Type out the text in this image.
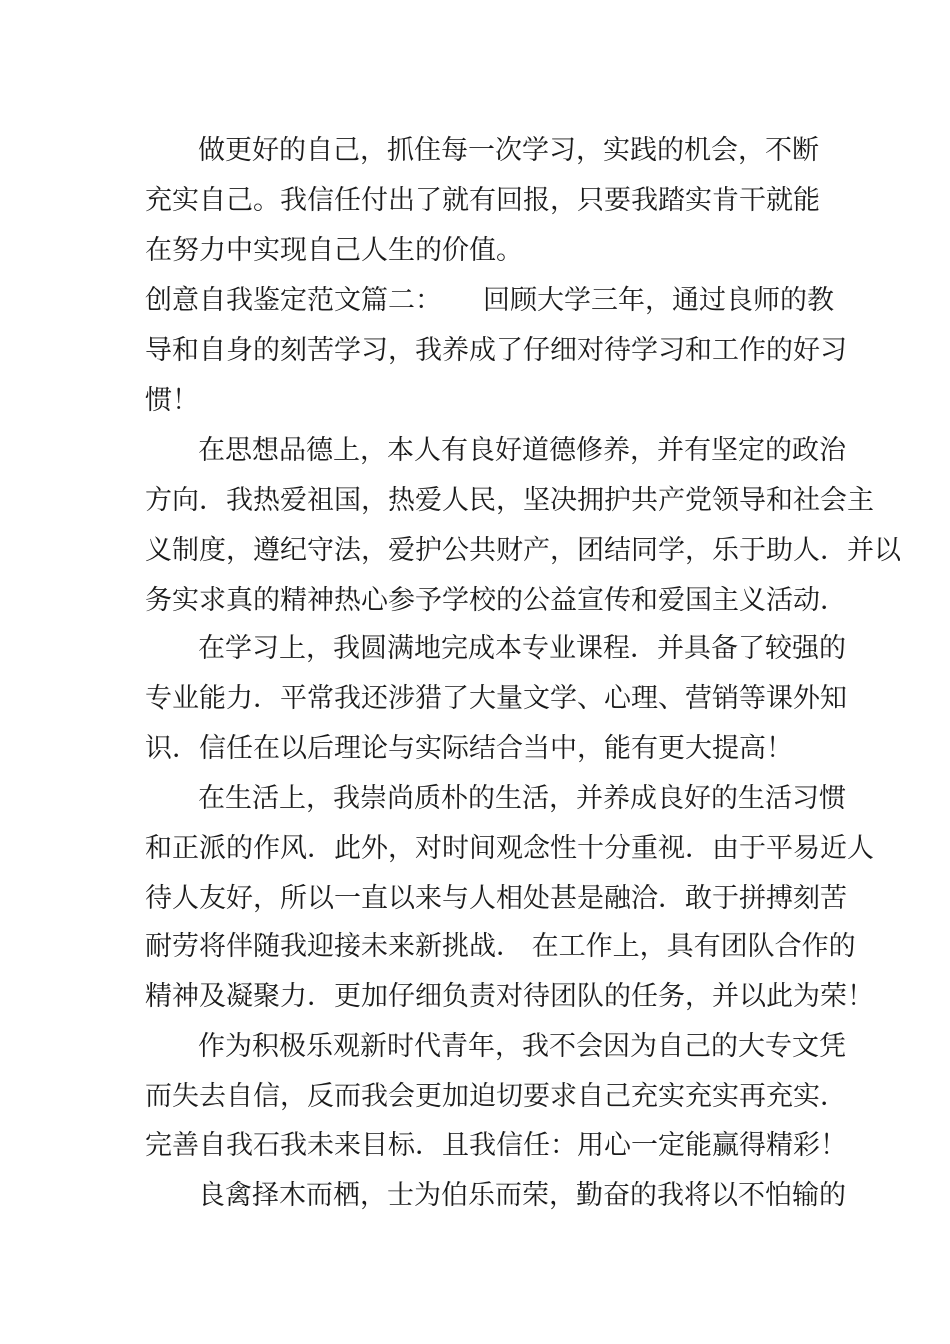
做更好的自己，抓住每一次学习，实践的机会，不断
充实自己。我信任付出了就有回报，只要我踏实肯干就能
在努力中实现自己人生的价值。
创意自我鉴定范文篇二： 回顾大学三年，通过良师的教
导和自身的刻苦学习，我养成了仔细对待学习和工作的好习
惯！
在思想品德上，本人有良好道德修养，并有坚定的政治
方向．我热爱祖国，热爱人民，坚决拥护共产党领导和社会主
义制度，遵纪守法，爱护公共财产，团结同学，乐于助人．并以
务实求真的精神热心参予学校的公益宣传和爱国主义活动．
在学习上，我圆满地完成本专业课程．并具备了较强的
专业能力．平常我还涉猎了大量文学、心理、营销等课外知
识．信任在以后理论与实际结合当中，能有更大提高！
在生活上，我崇尚质朴的生活，并养成良好的生活习惯
和正派的作风．此外，对时间观念性十分重视．由于平易近人
待人友好，所以一直以来与人相处甚是融洽．敢于拼搏刻苦
耐劳将伴随我迎接未来新挑战． 在工作上，具有团队合作的
精神及凝聚力．更加仔细负责对待团队的任务，并以此为荣！
作为积极乐观新时代青年，我不会因为自己的大专文凭
而失去自信，反而我会更加迫切要求自己充实充实再充实．
完善自我石我未来目标．且我信任：用心一定能赢得精彩！
良禽择木而栖，士为伯乐而荣，勤奋的我将以不怕输的
